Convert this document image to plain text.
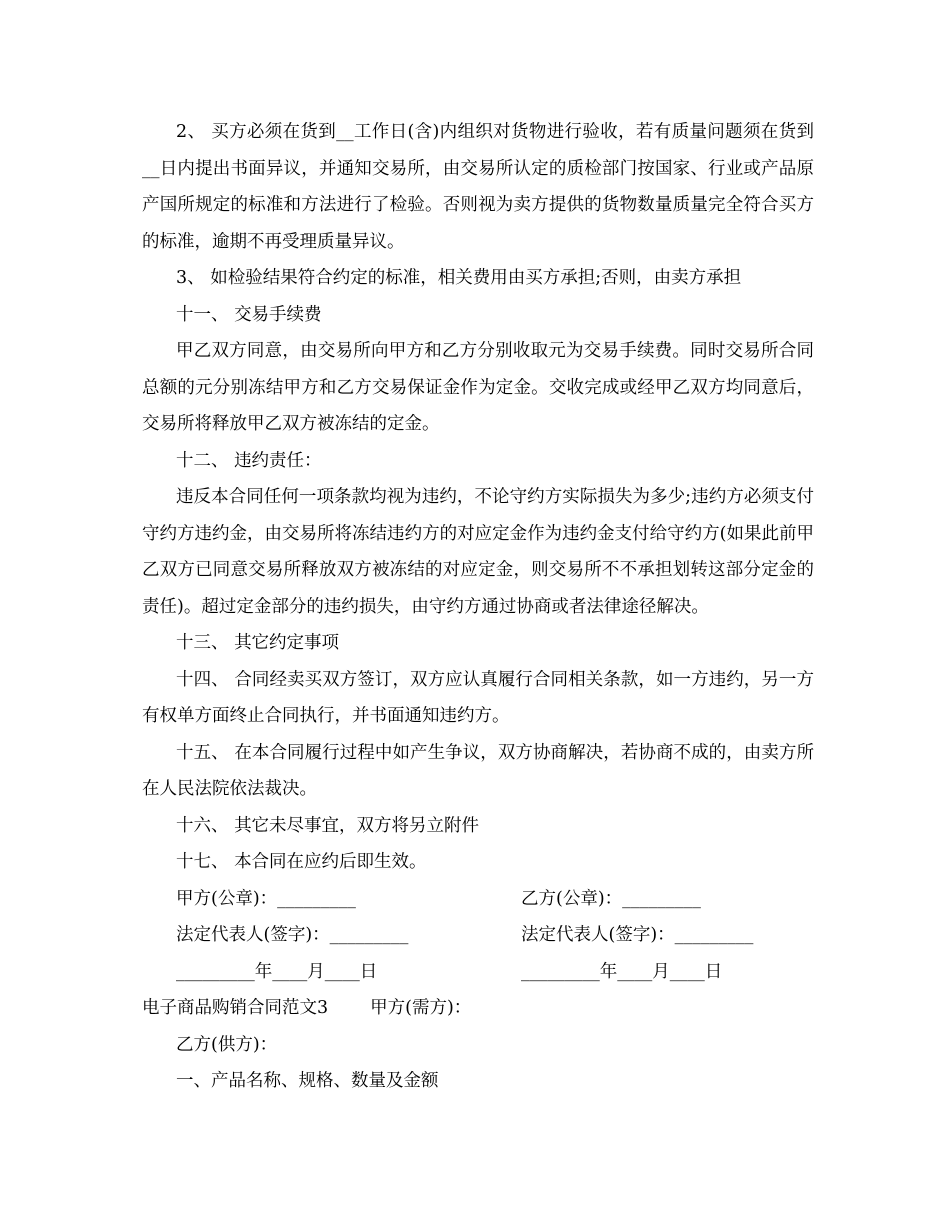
2、 买方必须在货到__工作日(含)内组织对货物进行验收，若有质量问题须在货到__日内提出书面异议，并通知交易所，由交易所认定的质检部门按国家、行业或产品原产国所规定的标准和方法进行了检验。否则视为卖方提供的货物数量质量完全符合买方的标准，逾期不再受理质量异议。

3、 如检验结果符合约定的标准，相关费用由买方承担;否则，由卖方承担

十一、 交易手续费

甲乙双方同意，由交易所向甲方和乙方分别收取元为交易手续费。同时交易所合同总额的元分别冻结甲方和乙方交易保证金作为定金。交收完成或经甲乙双方均同意后，交易所将释放甲乙双方被冻结的定金。

十二、 违约责任：

违反本合同任何一项条款均视为违约，不论守约方实际损失为多少;违约方必须支付守约方违约金，由交易所将冻结违约方的对应定金作为违约金支付给守约方(如果此前甲乙双方已同意交易所释放双方被冻结的对应定金，则交易所不不承担划转这部分定金的责任)。超过定金部分的违约损失，由守约方通过协商或者法律途径解决。

十三、 其它约定事项

十四、 合同经卖买双方签订，双方应认真履行合同相关条款，如一方违约，另一方有权单方面终止合同执行，并书面通知违约方。

十五、 在本合同履行过程中如产生争议，双方协商解决，若协商不成的，由卖方所在人民法院依法裁决。

十六、 其它未尽事宜，双方将另立附件

十七、 本合同在应约后即生效。

甲方(公章)：_________	乙方(公章)：_________
法定代表人(签字)：_________	法定代表人(签字)：_________
_________年____月____日	_________年____月____日
电子商品购销合同范文3 甲方(需方)：

乙方(供方)：

一、产品名称、规格、数量及金额
